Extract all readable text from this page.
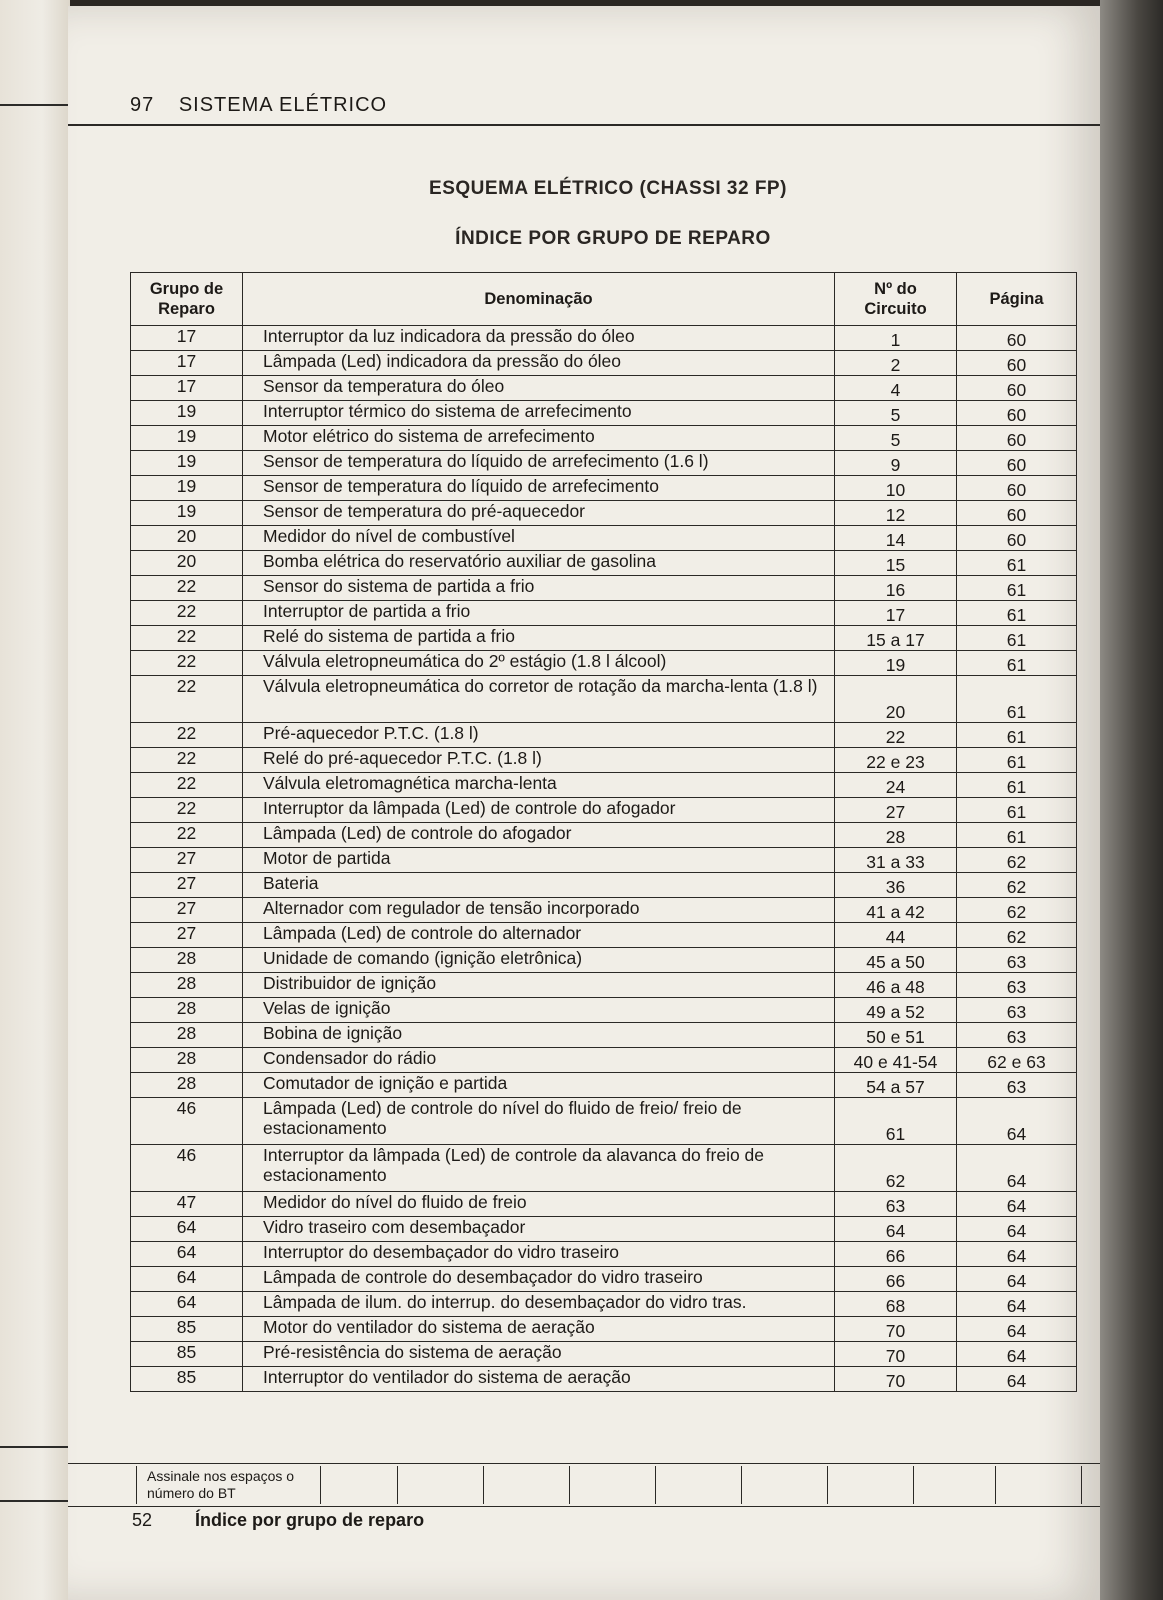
97 SISTEMA ELÉTRICO
ESQUEMA ELÉTRICO (CHASSI 32 FP)
ÍNDICE POR GRUPO DE REPARO
Grupo de Reparo	Denominação	Nº do Circuito	Página
17	Interruptor da luz indicadora da pressão do óleo	1	60
17	Lâmpada (Led) indicadora da pressão do óleo	2	60
17	Sensor da temperatura do óleo	4	60
19	Interruptor térmico do sistema de arrefecimento	5	60
19	Motor elétrico do sistema de arrefecimento	5	60
19	Sensor de temperatura do líquido de arrefecimento (1.6 l)	9	60
19	Sensor de temperatura do líquido de arrefecimento	10	60
19	Sensor de temperatura do pré-aquecedor	12	60
20	Medidor do nível de combustível	14	60
20	Bomba elétrica do reservatório auxiliar de gasolina	15	61
22	Sensor do sistema de partida a frio	16	61
22	Interruptor de partida a frio	17	61
22	Relé do sistema de partida a frio	15 a 17	61
22	Válvula eletropneumática do 2º estágio (1.8 l álcool)	19	61
22	Válvula eletropneumática do corretor de rotação da marcha-lenta (1.8 l)	20	61
22	Pré-aquecedor P.T.C. (1.8 l)	22	61
22	Relé do pré-aquecedor P.T.C. (1.8 l)	22 e 23	61
22	Válvula eletromagnética marcha-lenta	24	61
22	Interruptor da lâmpada (Led) de controle do afogador	27	61
22	Lâmpada (Led) de controle do afogador	28	61
27	Motor de partida	31 a 33	62
27	Bateria	36	62
27	Alternador com regulador de tensão incorporado	41 a 42	62
27	Lâmpada (Led) de controle do alternador	44	62
28	Unidade de comando (ignição eletrônica)	45 a 50	63
28	Distribuidor de ignição	46 a 48	63
28	Velas de ignição	49 a 52	63
28	Bobina de ignição	50 e 51	63
28	Condensador do rádio	40 e 41-54	62 e 63
28	Comutador de ignição e partida	54 a 57	63
46	Lâmpada (Led) de controle do nível do fluido de freio/ freio de estacionamento	61	64
46	Interruptor da lâmpada (Led) de controle da alavanca do freio de estacionamento	62	64
47	Medidor do nível do fluido de freio	63	64
64	Vidro traseiro com desembaçador	64	64
64	Interruptor do desembaçador do vidro traseiro	66	64
64	Lâmpada de controle do desembaçador do vidro traseiro	66	64
64	Lâmpada de ilum. do interrup. do desembaçador do vidro tras.	68	64
85	Motor do ventilador do sistema de aeração	70	64
85	Pré-resistência do sistema de aeração	70	64
85	Interruptor do ventilador do sistema de aeração	70	64
Assinale nos espaços o número do BT
52 Índice por grupo de reparo
